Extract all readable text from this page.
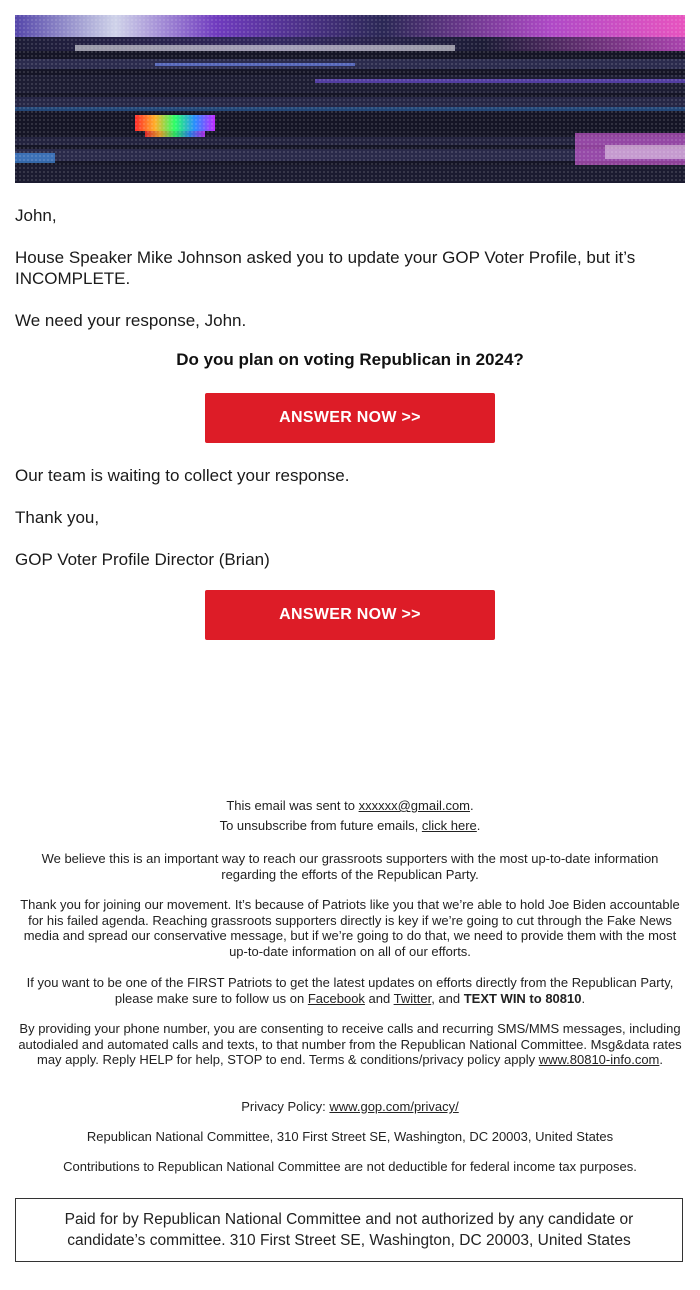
John,
House Speaker Mike Johnson asked you to update your GOP Voter Profile, but it’s INCOMPLETE.
We need your response, John.
Do you plan on voting Republican in 2024?
ANSWER NOW >>
Our team is waiting to collect your response.
Thank you,
GOP Voter Profile Director (Brian)
ANSWER NOW >>
This email was sent to xxxxxx@gmail.com.
To unsubscribe from future emails, click here.
We believe this is an important way to reach our grassroots supporters with the most up-to-date information regarding the efforts of the Republican Party.
Thank you for joining our movement. It’s because of Patriots like you that we’re able to hold Joe Biden accountable for his failed agenda. Reaching grassroots supporters directly is key if we’re going to cut through the Fake News media and spread our conservative message, but if we’re going to do that, we need to provide them with the most up-to-date information on all of our efforts.
If you want to be one of the FIRST Patriots to get the latest updates on efforts directly from the Republican Party, please make sure to follow us on Facebook and Twitter, and TEXT WIN to 80810.
By providing your phone number, you are consenting to receive calls and recurring SMS/MMS messages, including autodialed and automated calls and texts, to that number from the Republican National Committee. Msg&data rates may apply. Reply HELP for help, STOP to end. Terms & conditions/privacy policy apply www.80810-info.com.
Privacy Policy: www.gop.com/privacy/
Republican National Committee, 310 First Street SE, Washington, DC 20003, United States
Contributions to Republican National Committee are not deductible for federal income tax purposes.
Paid for by Republican National Committee and not authorized by any candidate or
candidate’s committee. 310 First Street SE, Washington, DC 20003, United States
